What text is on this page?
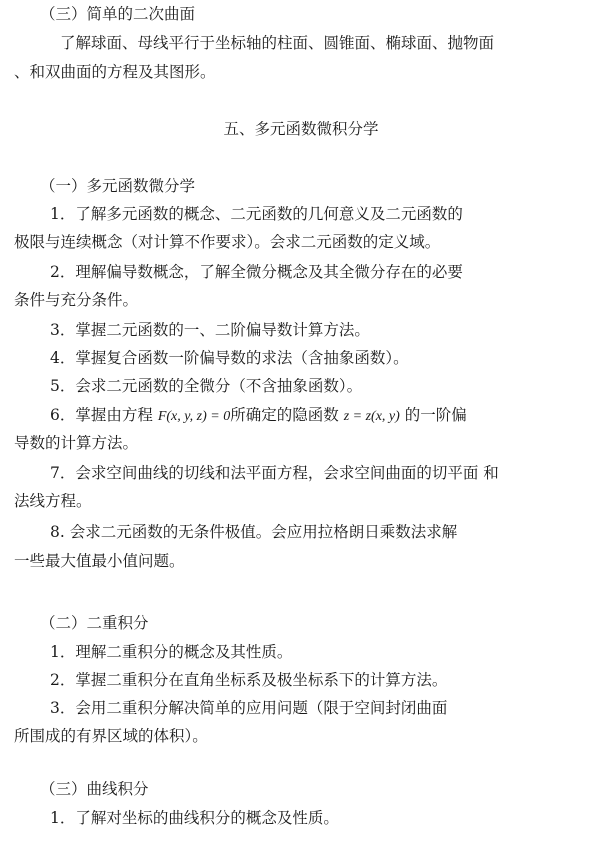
（三）简单的二次曲面
了解球面、母线平行于坐标轴的柱面、圆锥面、椭球面、抛物面
、和双曲面的方程及其图形。
五、多元函数微积分学
（一）多元函数微分学
1．了解多元函数的概念、二元函数的几何意义及二元函数的
极限与连续概念（对计算不作要求）。会求二元函数的定义域。
2．理解偏导数概念，了解全微分概念及其全微分存在的必要
条件与充分条件。
3．掌握二元函数的一、二阶偏导数计算方法。
4．掌握复合函数一阶偏导数的求法（含抽象函数）。
5．会求二元函数的全微分（不含抽象函数）。
6．掌握由方程 F(x, y, z) = 0所确定的隐函数 z = z(x, y) 的一阶偏
导数的计算方法。
7．会求空间曲线的切线和法平面方程，会求空间曲面的切平面 和
法线方程。
8. 会求二元函数的无条件极值。会应用拉格朗日乘数法求解
一些最大值最小值问题。
（二）二重积分
1．理解二重积分的概念及其性质。
2．掌握二重积分在直角坐标系及极坐标系下的计算方法。
3．会用二重积分解决简单的应用问题（限于空间封闭曲面
所围成的有界区域的体积）。
（三）曲线积分
1．了解对坐标的曲线积分的概念及性质。
